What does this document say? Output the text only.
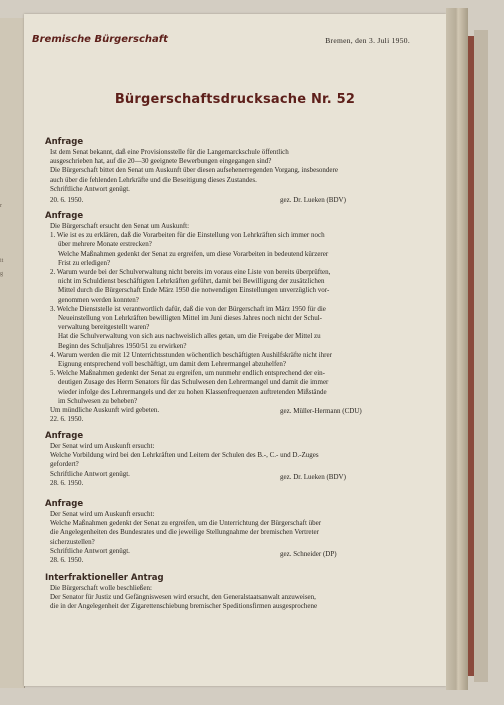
it
g
r
Bremische Bürgerschaft	Bremen, den 3. Juli 1950.
Bürgerschaftsdrucksache Nr. 52
Anfrage
Ist dem Senat bekannt, daß eine Provisionsstelle für die Langemarckschule öffentlich
ausgeschrieben hat, auf die 20—30 geeignete Bewerbungen eingegangen sind?
Die Bürgerschaft bittet den Senat um Auskunft über diesen aufsehenerregenden Vorgang, insbesondere
auch über die fehlenden Lehrkräfte und die Beseitigung dieses Zustandes.
Schriftliche Antwort genügt.
20. 6. 1950.	gez. Dr. Lueken (BDV)
Anfrage
Die Bürgerschaft ersucht den Senat um Auskunft:
1. Wie ist es zu erklären, daß die Vorarbeiten für die Einstellung von Lehrkräften sich immer noch
über mehrere Monate erstrecken?
Welche Maßnahmen gedenkt der Senat zu ergreifen, um diese Vorarbeiten in bedeutend kürzerer
Frist zu erledigen?
2. Warum wurde bei der Schulverwaltung nicht bereits im voraus eine Liste von bereits überprüften,
nicht im Schuldienst beschäftigten Lehrkräften geführt, damit bei Bewilligung der zusätzlichen
Mittel durch die Bürgerschaft Ende März 1950 die notwendigen Einstellungen unverzüglich vor-
genommen werden konnten?
3. Welche Dienststelle ist verantwortlich dafür, daß die von der Bürgerschaft im März 1950 für die
Neueinstellung von Lehrkräften bewilligten Mittel im Juni dieses Jahres noch nicht der Schul-
verwaltung bereitgestellt waren?
Hat die Schulverwaltung von sich aus nachweislich alles getan, um die Freigabe der Mittel zu
Beginn des Schuljahres 1950/51 zu erwirken?
4. Warum werden die mit 12 Unterrichtsstunden wöchentlich beschäftigten Aushilfskräfte nicht ihrer
Eignung entsprechend voll beschäftigt, um damit dem Lehrermangel abzuhelfen?
5. Welche Maßnahmen gedenkt der Senat zu ergreifen, um nunmehr endlich entsprechend der ein-
deutigen Zusage des Herrn Senators für das Schulwesen den Lehrermangel und damit die immer
wieder infolge des Lehrermangels und der zu hohen Klassenfrequenzen auftretenden Mißstände
im Schulwesen zu beheben?
Um mündliche Auskunft wird gebeten.	gez. Müller-Hermann (CDU)
22. 6. 1950.
Anfrage
Der Senat wird um Auskunft ersucht:
Welche Vorbildung wird bei den Lehrkräften und Leitern der Schulen des B.-, C.- und D.-Zuges
gefordert?
Schriftliche Antwort genügt.	gez. Dr. Lueken (BDV)
28. 6. 1950.
Anfrage
Der Senat wird um Auskunft ersucht:
Welche Maßnahmen gedenkt der Senat zu ergreifen, um die Unterrichtung der Bürgerschaft über
die Angelegenheiten des Bundesrates und die jeweilige Stellungnahme der bremischen Vertreter
sicherzustellen?
Schriftliche Antwort genügt.	gez. Schneider (DP)
28. 6. 1950.
Interfraktioneller Antrag
Die Bürgerschaft wolle beschließen:
Der Senator für Justiz und Gefängniswesen wird ersucht, den Generalstaatsanwalt anzuweisen,
die in der Angelegenheit der Zigarettenschiebung bremischer Speditionsfirmen ausgesprochene
